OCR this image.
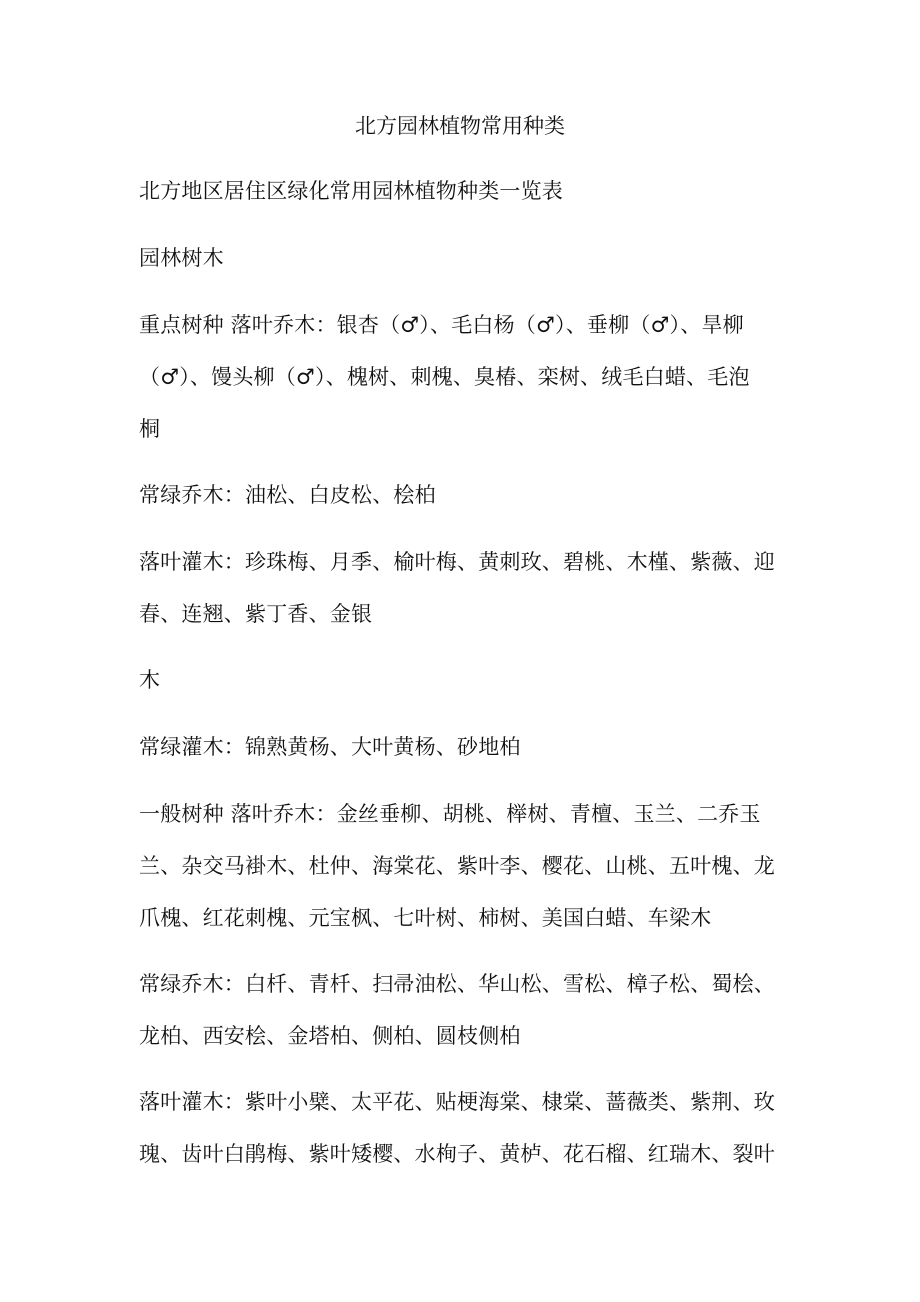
北方园林植物常用种类

北方地区居住区绿化常用园林植物种类一览表

园林树木

重点树种 落叶乔木：银杏（♂）、毛白杨（♂）、垂柳（♂）、旱柳
（♂）、馒头柳（♂）、槐树、刺槐、臭椿、栾树、绒毛白蜡、毛泡
桐

常绿乔木：油松、白皮松、桧柏

落叶灌木：珍珠梅、月季、榆叶梅、黄刺玫、碧桃、木槿、紫薇、迎
春、连翘、紫丁香、金银

木

常绿灌木：锦熟黄杨、大叶黄杨、砂地柏

一般树种 落叶乔木：金丝垂柳、胡桃、榉树、青檀、玉兰、二乔玉
兰、杂交马褂木、杜仲、海棠花、紫叶李、樱花、山桃、五叶槐、龙
爪槐、红花刺槐、元宝枫、七叶树、柿树、美国白蜡、车梁木

常绿乔木：白杄、青杄、扫帚油松、华山松、雪松、樟子松、蜀桧、
龙柏、西安桧、金塔柏、侧柏、圆枝侧柏

落叶灌木：紫叶小檗、太平花、贴梗海棠、棣棠、蔷薇类、紫荆、玫
瑰、齿叶白鹃梅、紫叶矮樱、水栒子、黄栌、花石榴、红瑞木、裂叶
